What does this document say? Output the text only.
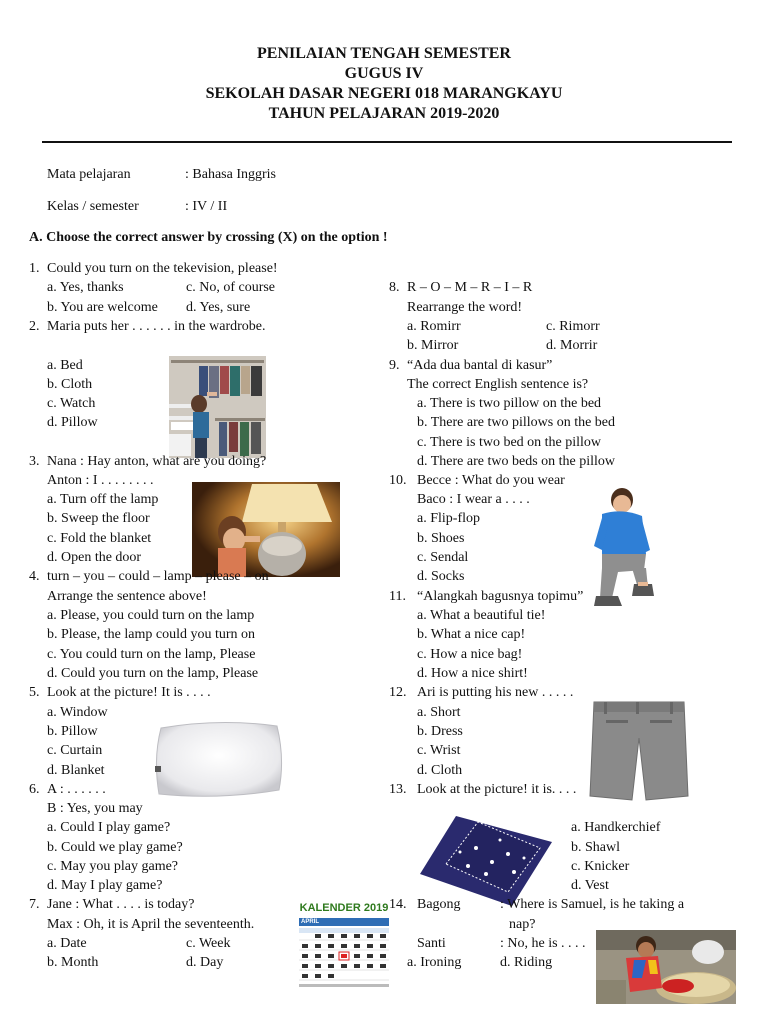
PENILAIAN TENGAH SEMESTER
GUGUS IV
SEKOLAH DASAR NEGERI 018 MARANGKAYU
TAHUN PELAJARAN 2019-2020
Mata pelajaran	: Bahasa Inggris
Kelas / semester	: IV / II
A. Choose the correct answer by crossing (X) on the option !
1. Could you turn on the tekevision, please!
a. Yes, thanks	c. No, of course
b. You are welcome d. Yes, sure
2. Maria puts her . . . . . . in the wardrobe.
a. Bed
b. Cloth
c. Watch
d. Pillow
3. Nana : Hay anton, what are you doing?
Anton : I . . . . . . . .
a. Turn off the lamp
b. Sweep the floor
c. Fold the blanket
d. Open the door
4. turn – you – could – lamp – please – on
Arrange the sentence above!
a. Please, you could turn on the lamp
b. Please, the lamp could you turn on
c. You could turn on the lamp, Please
d. Could you turn on the lamp, Please
5. Look at the picture! It is . . . .
a. Window
b. Pillow
c. Curtain
d. Blanket
6. A : . . . . . .
B : Yes, you may
a. Could I play game?
b. Could we play game?
c. May you play game?
d. May I play game?
7. Jane : What . . . . is today?
Max : Oh, it is April the seventeenth.
a. Date	c. Week
b. Month	d. Day
KALENDER 2019
APRIL
8. R – O – M – R – I – R
Rearrange the word!
a. Romirr	c. Rimorr
b. Mirror	d. Morrir
9. “Ada dua bantal di kasur”
The correct English sentence is?
a. There is two pillow on the bed
b. There are two pillows on the bed
c. There is two bed on the pillow
d. There are two beds on the pillow
10. Becce : What do you wear
Baco : I wear a . . . .
a. Flip-flop
b. Shoes
c. Sendal
d. Socks
11. “Alangkah bagusnya topimu”
a. What a beautiful tie!
b. What a nice cap!
c. How a nice bag!
d. How a nice shirt!
12. Ari is putting his new . . . . .
a. Short
b. Dress
c. Wrist
d. Cloth
13. Look at the picture! it is. . . .
a. Handkerchief
b. Shawl
c. Knicker
d. Vest
14. Bagong	: Where is Samuel, is he taking a
nap?
Santi	: No, he is . . . .
a. Ironing	d. Riding
